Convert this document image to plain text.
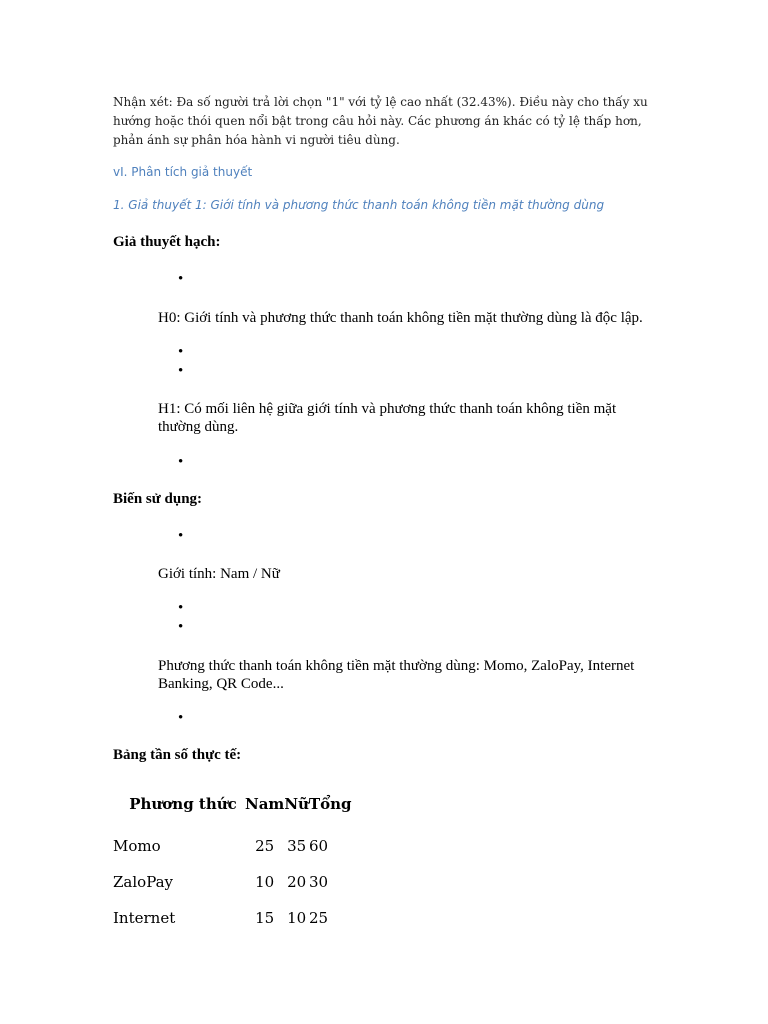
Nhận xét: Đa số người trả lời chọn "1" với tỷ lệ cao nhất (32.43%). Điều này cho thấy xu hướng hoặc thói quen nổi bật trong câu hỏi này. Các phương án khác có tỷ lệ thấp hơn, phản ánh sự phân hóa hành vi người tiêu dùng.
vI. Phân tích giả thuyết
1. Giả thuyết 1: Giới tính và phương thức thanh toán không tiền mặt thường dùng
Giả thuyết hạch:
•
H0: Giới tính và phương thức thanh toán không tiền mặt thường dùng là độc lập.
•
•
H1: Có mối liên hệ giữa giới tính và phương thức thanh toán không tiền mặt thường dùng.
•
Biến sử dụng:
•
Giới tính: Nam / Nữ
•
•
Phương thức thanh toán không tiền mặt thường dùng: Momo, ZaloPay, Internet Banking, QR Code...
•
Bảng tần số thực tế:
Phương thức	Nam	Nữ	Tổng
Momo	25	35	60
ZaloPay	10	20	30
Internet	15	10	25
